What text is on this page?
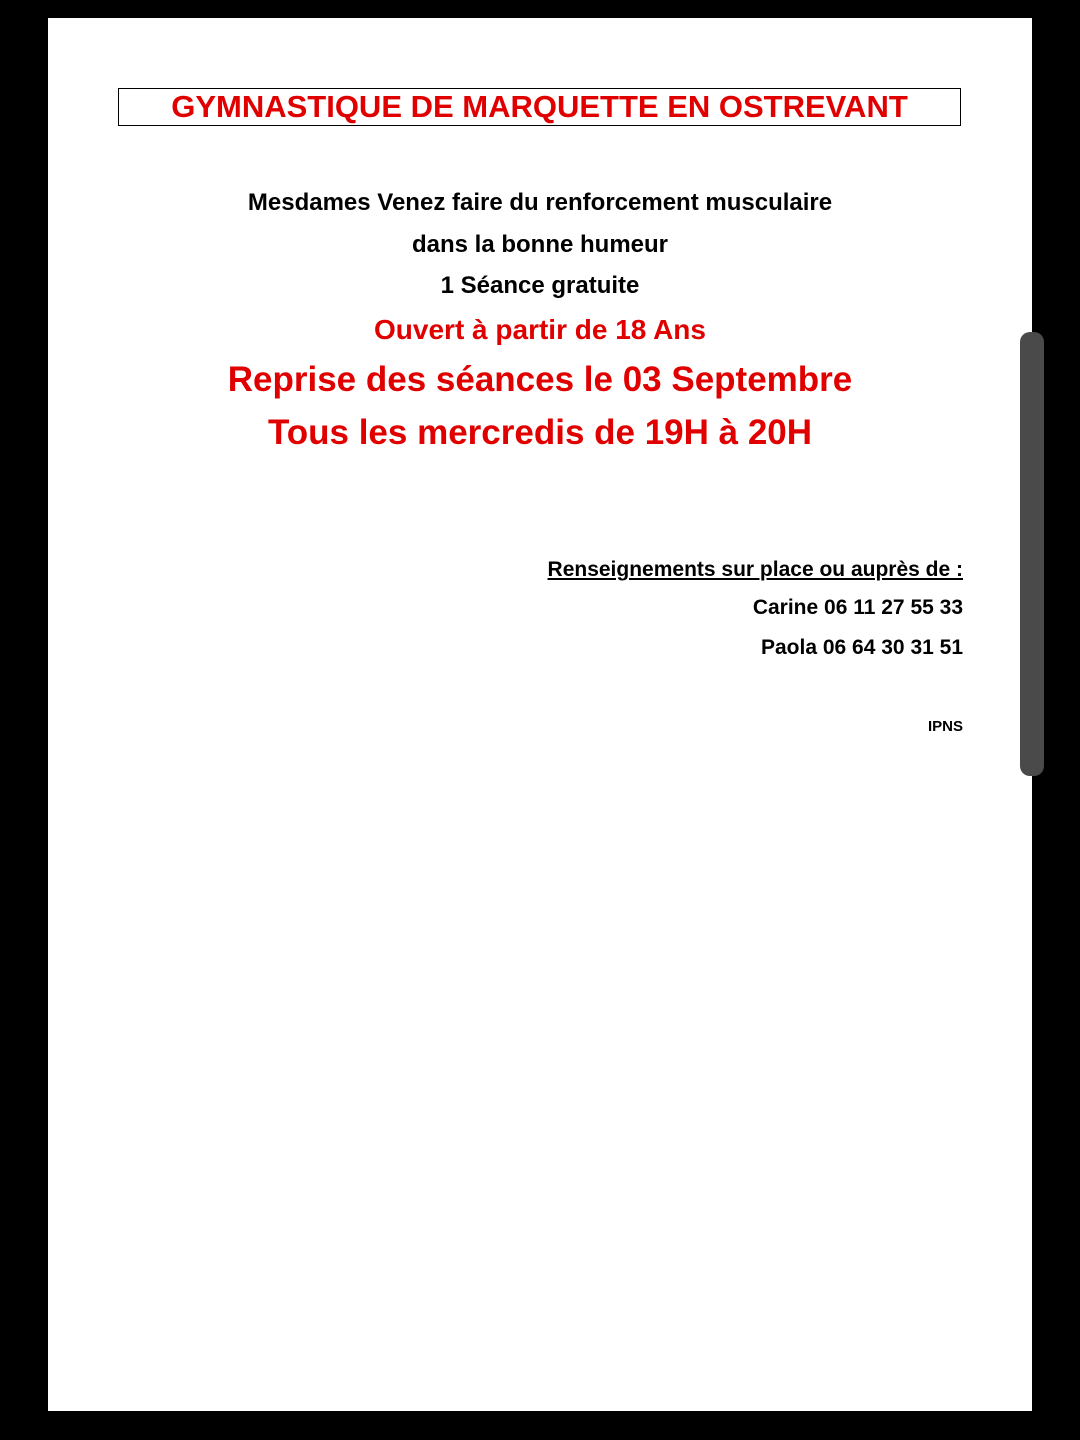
GYMNASTIQUE DE MARQUETTE EN OSTREVANT
Mesdames Venez faire du renforcement musculaire
dans la bonne humeur
1 Séance gratuite
Ouvert à partir de 18 Ans
Reprise des séances le 03 Septembre
Tous les mercredis de 19H à 20H
Renseignements sur place ou auprès de :
Carine 06 11 27 55 33
Paola 06 64 30 31 51
IPNS
